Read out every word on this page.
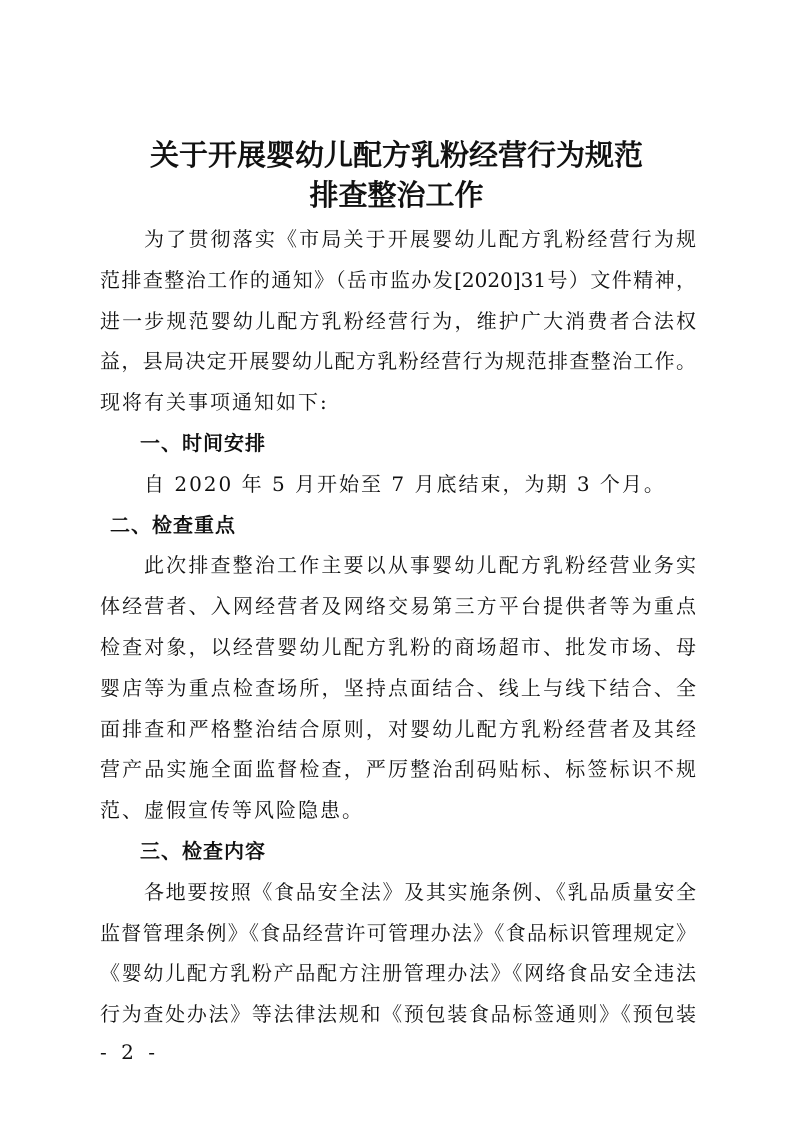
关于开展婴幼儿配方乳粉经营行为规范
排查整治工作
为了贯彻落实《市局关于开展婴幼儿配方乳粉经营行为规
范排查整治工作的通知》（岳市监办发[2020]31号）文件精神，
进一步规范婴幼儿配方乳粉经营行为，维护广大消费者合法权
益，县局决定开展婴幼儿配方乳粉经营行为规范排查整治工作。
现将有关事项通知如下:
一、时间安排
自 2020 年 5 月开始至 7 月底结束，为期 3 个月。
二、检查重点
此次排查整治工作主要以从事婴幼儿配方乳粉经营业务实
体经营者、入网经营者及网络交易第三方平台提供者等为重点
检查对象，以经营婴幼儿配方乳粉的商场超市、批发市场、母
婴店等为重点检查场所，坚持点面结合、线上与线下结合、全
面排查和严格整治结合原则，对婴幼儿配方乳粉经营者及其经
营产品实施全面监督检查，严厉整治刮码贴标、标签标识不规
范、虚假宣传等风险隐患。
三、检查内容
各地要按照《食品安全法》及其实施条例、《乳品质量安全
监督管理条例》《食品经营许可管理办法》《食品标识管理规定》
《婴幼儿配方乳粉产品配方注册管理办法》《网络食品安全违法
行为查处办法》等法律法规和《预包装食品标签通则》《预包装
- 2 -
